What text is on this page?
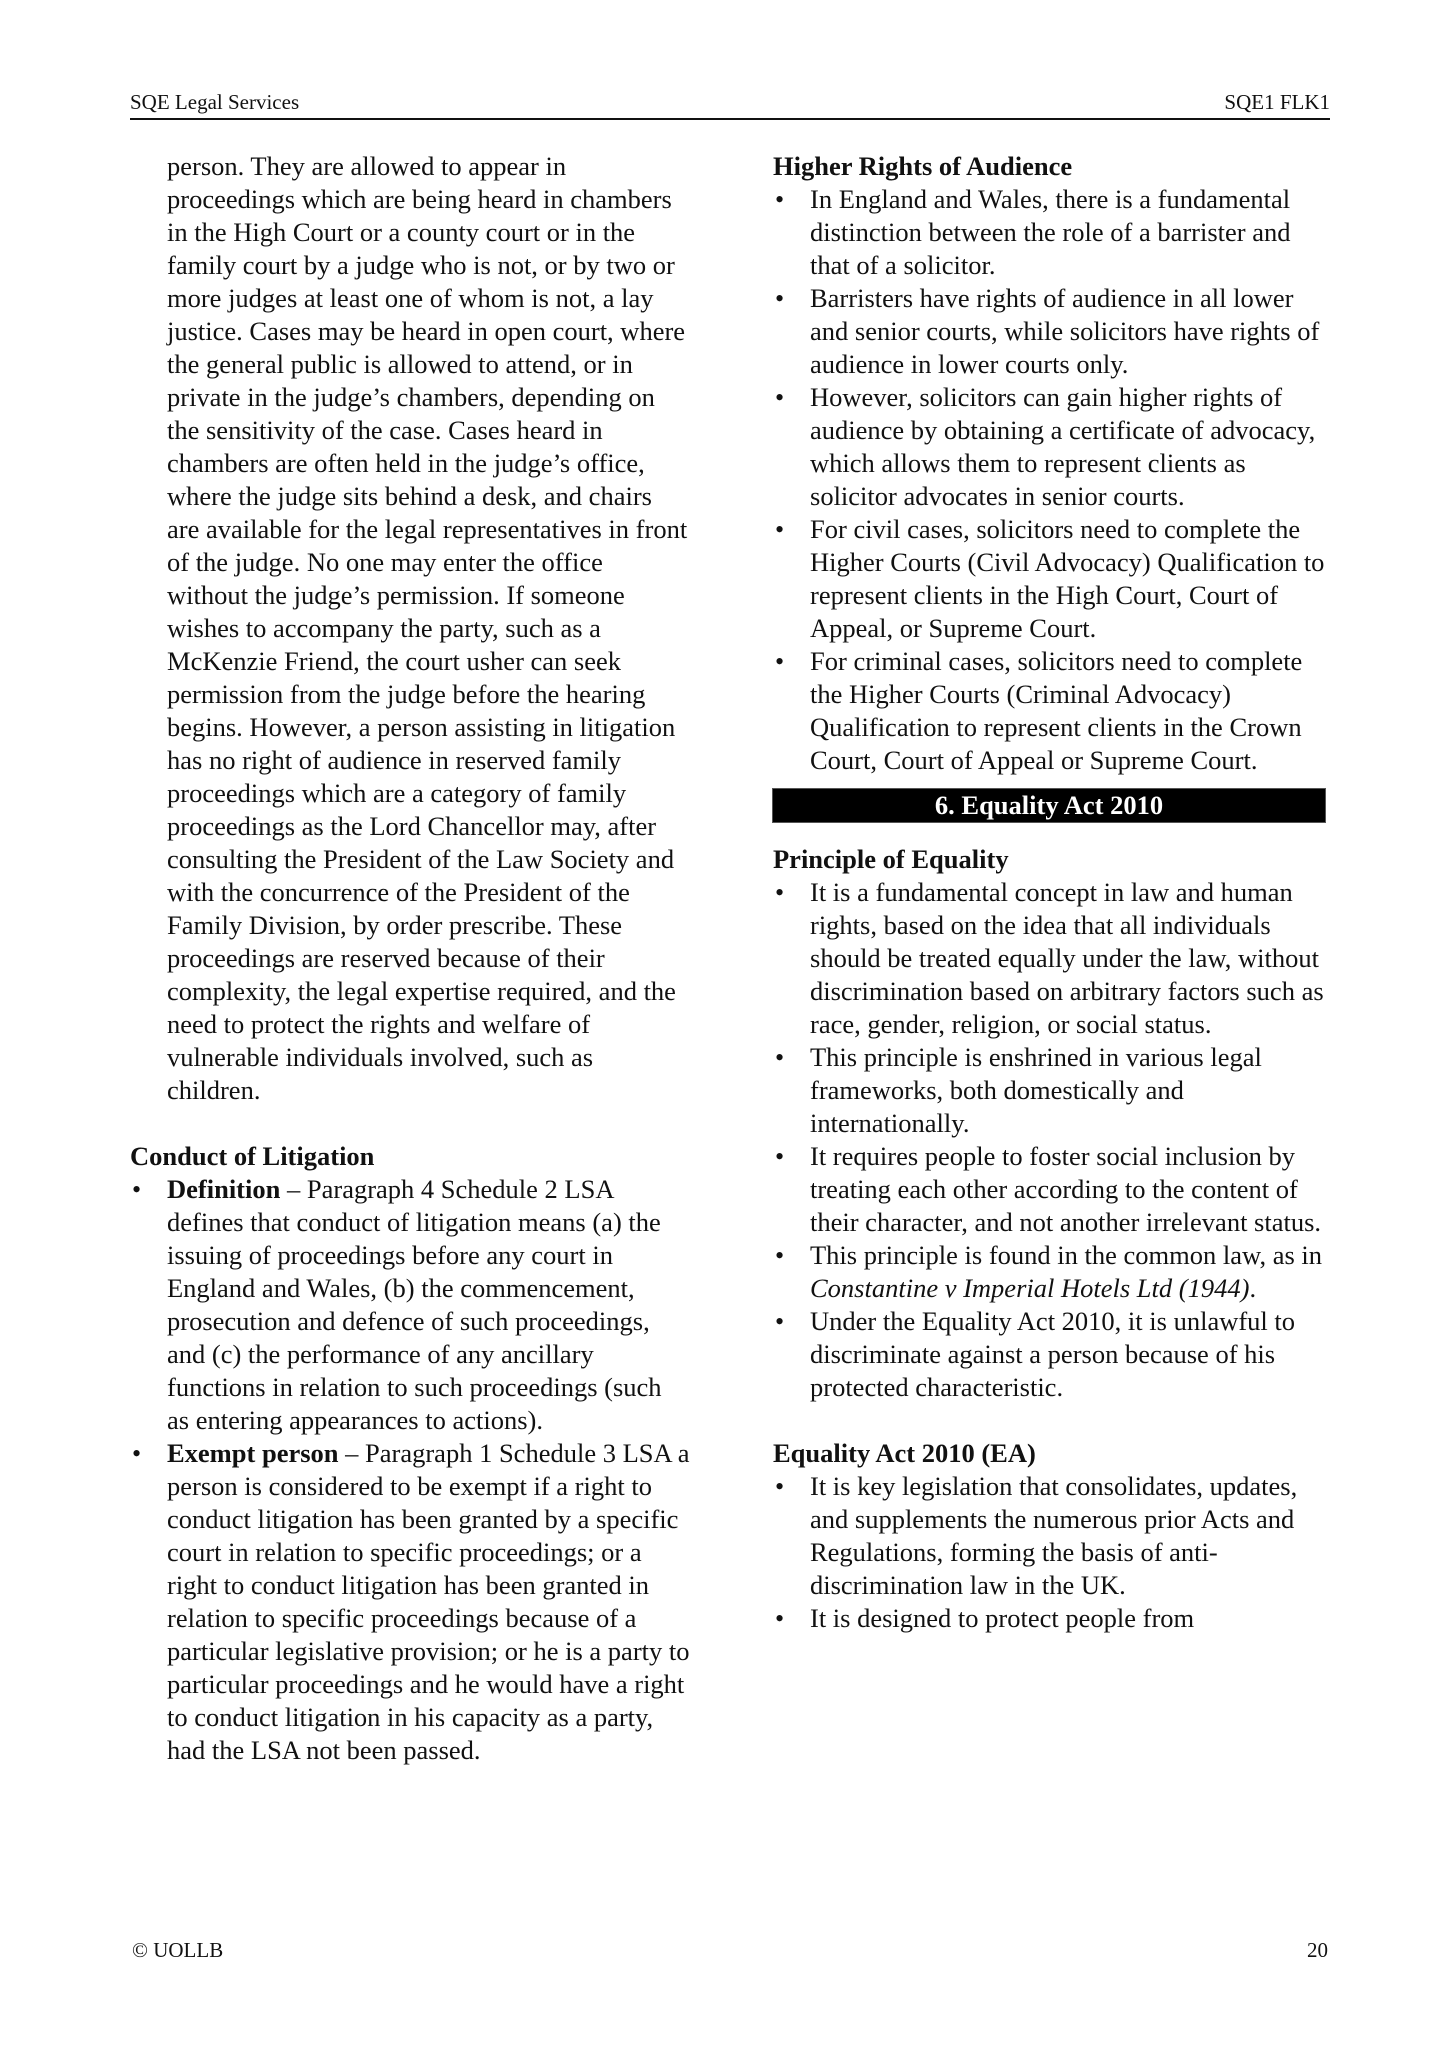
SQE Legal Services	SQE1 FLK1

person. They are allowed to appear in proceedings which are being heard in chambers in the High Court or a county court or in the family court by a judge who is not, or by two or more judges at least one of whom is not, a lay justice. Cases may be heard in open court, where the general public is allowed to attend, or in private in the judge’s chambers, depending on the sensitivity of the case. Cases heard in chambers are often held in the judge’s office, where the judge sits behind a desk, and chairs are available for the legal representatives in front of the judge. No one may enter the office without the judge’s permission. If someone wishes to accompany the party, such as a McKenzie Friend, the court usher can seek permission from the judge before the hearing begins. However, a person assisting in litigation has no right of audience in reserved family proceedings which are a category of family proceedings as the Lord Chancellor may, after consulting the President of the Law Society and with the concurrence of the President of the Family Division, by order prescribe. These proceedings are reserved because of their complexity, the legal expertise required, and the need to protect the rights and welfare of vulnerable individuals involved, such as children.

Conduct of Litigation

• Definition – Paragraph 4 Schedule 2 LSA defines that conduct of litigation means (a) the issuing of proceedings before any court in England and Wales, (b) the commencement, prosecution and defence of such proceedings, and (c) the performance of any ancillary functions in relation to such proceedings (such as entering appearances to actions).
• Exempt person – Paragraph 1 Schedule 3 LSA a person is considered to be exempt if a right to conduct litigation has been granted by a specific court in relation to specific proceedings; or a right to conduct litigation has been granted in relation to specific proceedings because of a particular legislative provision; or he is a party to particular proceedings and he would have a right to conduct litigation in his capacity as a party, had the LSA not been passed.

Higher Rights of Audience

• In England and Wales, there is a fundamental distinction between the role of a barrister and that of a solicitor.
• Barristers have rights of audience in all lower and senior courts, while solicitors have rights of audience in lower courts only.
• However, solicitors can gain higher rights of audience by obtaining a certificate of advocacy, which allows them to represent clients as solicitor advocates in senior courts.
• For civil cases, solicitors need to complete the Higher Courts (Civil Advocacy) Qualification to represent clients in the High Court, Court of Appeal, or Supreme Court.
• For criminal cases, solicitors need to complete the Higher Courts (Criminal Advocacy) Qualification to represent clients in the Crown Court, Court of Appeal or Supreme Court.
6. Equality Act 2010

Principle of Equality

• It is a fundamental concept in law and human rights, based on the idea that all individuals should be treated equally under the law, without discrimination based on arbitrary factors such as race, gender, religion, or social status.
• This principle is enshrined in various legal frameworks, both domestically and internationally.
• It requires people to foster social inclusion by treating each other according to the content of their character, and not another irrelevant status.
• This principle is found in the common law, as in Constantine v Imperial Hotels Ltd (1944).
• Under the Equality Act 2010, it is unlawful to discriminate against a person because of his protected characteristic.

Equality Act 2010 (EA)

• It is key legislation that consolidates, updates, and supplements the numerous prior Acts and Regulations, forming the basis of anti-discrimination law in the UK.
• It is designed to protect people from
© UOLLB	20
